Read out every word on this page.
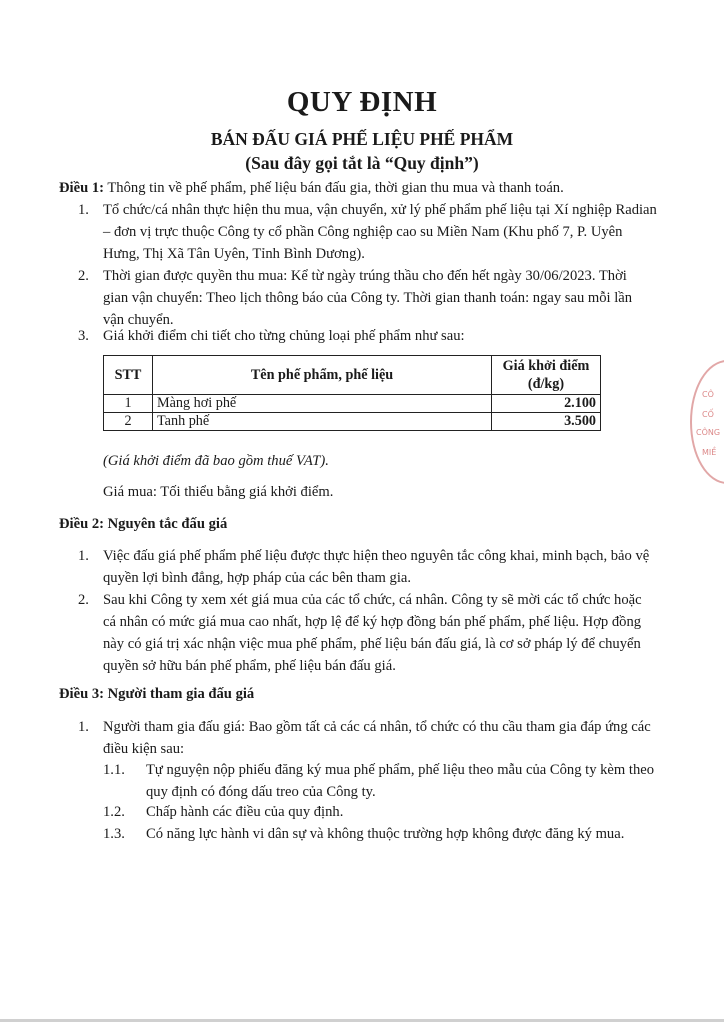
QUY ĐỊNH
BÁN ĐẤU GIÁ PHẾ LIỆU PHẾ PHẨM
(Sau đây gọi tắt là “Quy định”)
Điều 1: Thông tin về phế phẩm, phế liệu bán đấu gia, thời gian thu mua và thanh toán.
1. Tổ chức/cá nhân thực hiện thu mua, vận chuyển, xử lý phế phẩm phế liệu tại Xí nghiệp Radian
– đơn vị trực thuộc Công ty cổ phần Công nghiệp cao su Miền Nam (Khu phố 7, P. Uyên
Hưng, Thị Xã Tân Uyên, Tỉnh Bình Dương).
2. Thời gian được quyền thu mua: Kể từ ngày trúng thầu cho đến hết ngày 30/06/2023. Thời
gian vận chuyển: Theo lịch thông báo của Công ty. Thời gian thanh toán: ngay sau mỗi lần
vận chuyển.
3. Giá khởi điểm chi tiết cho từng chủng loại phế phẩm như sau:
STT	Tên phế phẩm, phế liệu	Giá khởi điểm
(đ/kg)

1	Màng hơi phế	2.100
2	Tanh phế	3.500
(Giá khởi điểm đã bao gồm thuế VAT).
Giá mua: Tối thiểu bằng giá khởi điểm.
Điều 2: Nguyên tắc đấu giá
1. Việc đấu giá phế phẩm phế liệu được thực hiện theo nguyên tắc công khai, minh bạch, bảo vệ
quyền lợi bình đẳng, hợp pháp của các bên tham gia.
2. Sau khi Công ty xem xét giá mua của các tổ chức, cá nhân. Công ty sẽ mời các tổ chức hoặc
cá nhân có mức giá mua cao nhất, hợp lệ để ký hợp đồng bán phế phẩm, phế liệu. Hợp đồng
này có giá trị xác nhận việc mua phế phẩm, phế liệu bán đấu giá, là cơ sở pháp lý để chuyển
quyền sở hữu bán phế phẩm, phế liệu bán đấu giá.
Điều 3: Người tham gia đấu giá
1. Người tham gia đấu giá: Bao gồm tất cả các cá nhân, tổ chức có thu cầu tham gia đáp ứng các
điều kiện sau:
1.1. Tự nguyện nộp phiếu đăng ký mua phế phẩm, phế liệu theo mẫu của Công ty kèm theo
quy định có đóng dấu treo của Công ty.
1.2. Chấp hành các điều của quy định.
1.3. Có năng lực hành vi dân sự và không thuộc trường hợp không được đăng ký mua.
CÔ
CỐ
CÔNG
MIỀ
